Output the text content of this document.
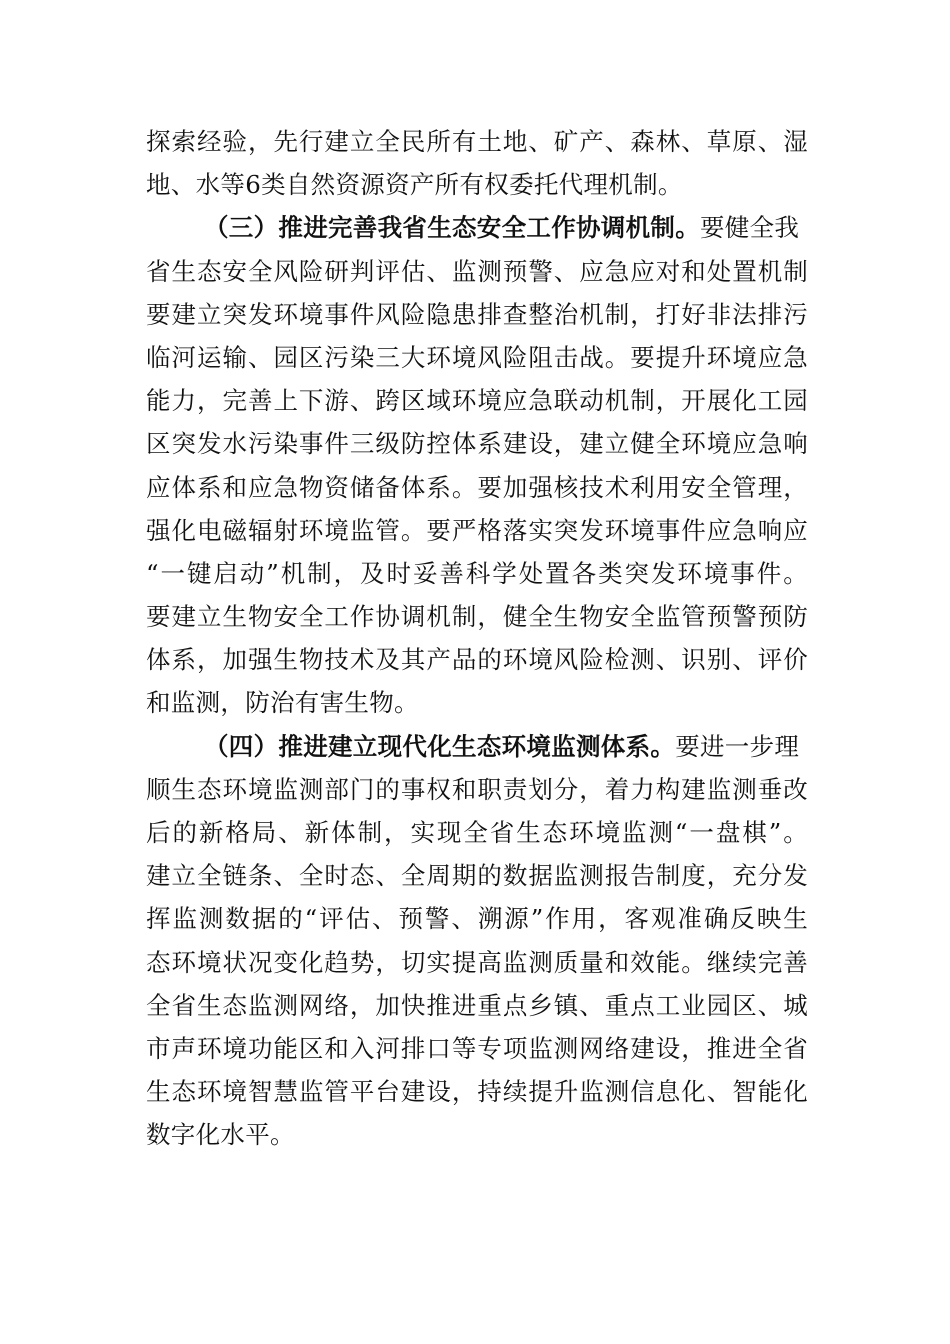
探索经验，先行建立全民所有土地、矿产、森林、草原、湿
地、水等6类自然资源资产所有权委托代理机制。
（三）推进完善我省生态安全工作协调机制。要健全我
省生态安全风险研判评估、监测预警、应急应对和处置机制
要建立突发环境事件风险隐患排查整治机制，打好非法排污
临河运输、园区污染三大环境风险阻击战。要提升环境应急
能力，完善上下游、跨区域环境应急联动机制，开展化工园
区突发水污染事件三级防控体系建设，建立健全环境应急响
应体系和应急物资储备体系。要加强核技术利用安全管理，
强化电磁辐射环境监管。要严格落实突发环境事件应急响应
“一键启动”机制，及时妥善科学处置各类突发环境事件。
要建立生物安全工作协调机制，健全生物安全监管预警预防
体系，加强生物技术及其产品的环境风险检测、识别、评价
和监测，防治有害生物。
（四）推进建立现代化生态环境监测体系。要进一步理
顺生态环境监测部门的事权和职责划分，着力构建监测垂改
后的新格局、新体制，实现全省生态环境监测“一盘棋”。
建立全链条、全时态、全周期的数据监测报告制度，充分发
挥监测数据的“评估、预警、溯源”作用，客观准确反映生
态环境状况变化趋势，切实提高监测质量和效能。继续完善
全省生态监测网络，加快推进重点乡镇、重点工业园区、城
市声环境功能区和入河排口等专项监测网络建设，推进全省
生态环境智慧监管平台建设，持续提升监测信息化、智能化
数字化水平。
